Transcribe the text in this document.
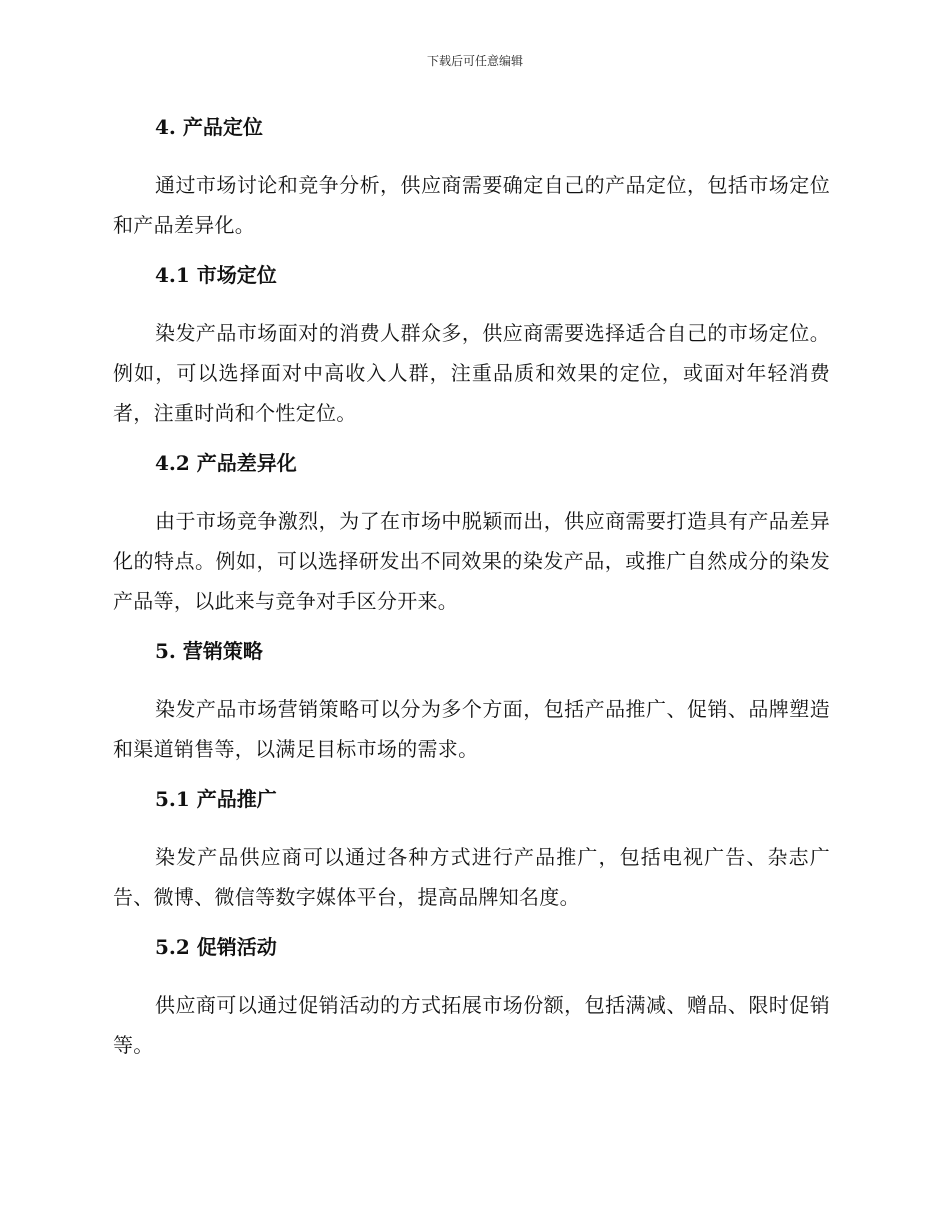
下载后可任意编辑
4. 产品定位

通过市场讨论和竞争分析，供应商需要确定自己的产品定位，包括市场定位和产品差异化。

4.1 市场定位

染发产品市场面对的消费人群众多，供应商需要选择适合自己的市场定位。例如，可以选择面对中高收入人群，注重品质和效果的定位，或面对年轻消费者，注重时尚和个性定位。

4.2 产品差异化

由于市场竞争激烈，为了在市场中脱颖而出，供应商需要打造具有产品差异化的特点。例如，可以选择研发出不同效果的染发产品，或推广自然成分的染发产品等，以此来与竞争对手区分开来。

5. 营销策略

染发产品市场营销策略可以分为多个方面，包括产品推广、促销、品牌塑造和渠道销售等，以满足目标市场的需求。

5.1 产品推广

染发产品供应商可以通过各种方式进行产品推广，包括电视广告、杂志广告、微博、微信等数字媒体平台，提高品牌知名度。

5.2 促销活动

供应商可以通过促销活动的方式拓展市场份额，包括满减、赠品、限时促销等。
